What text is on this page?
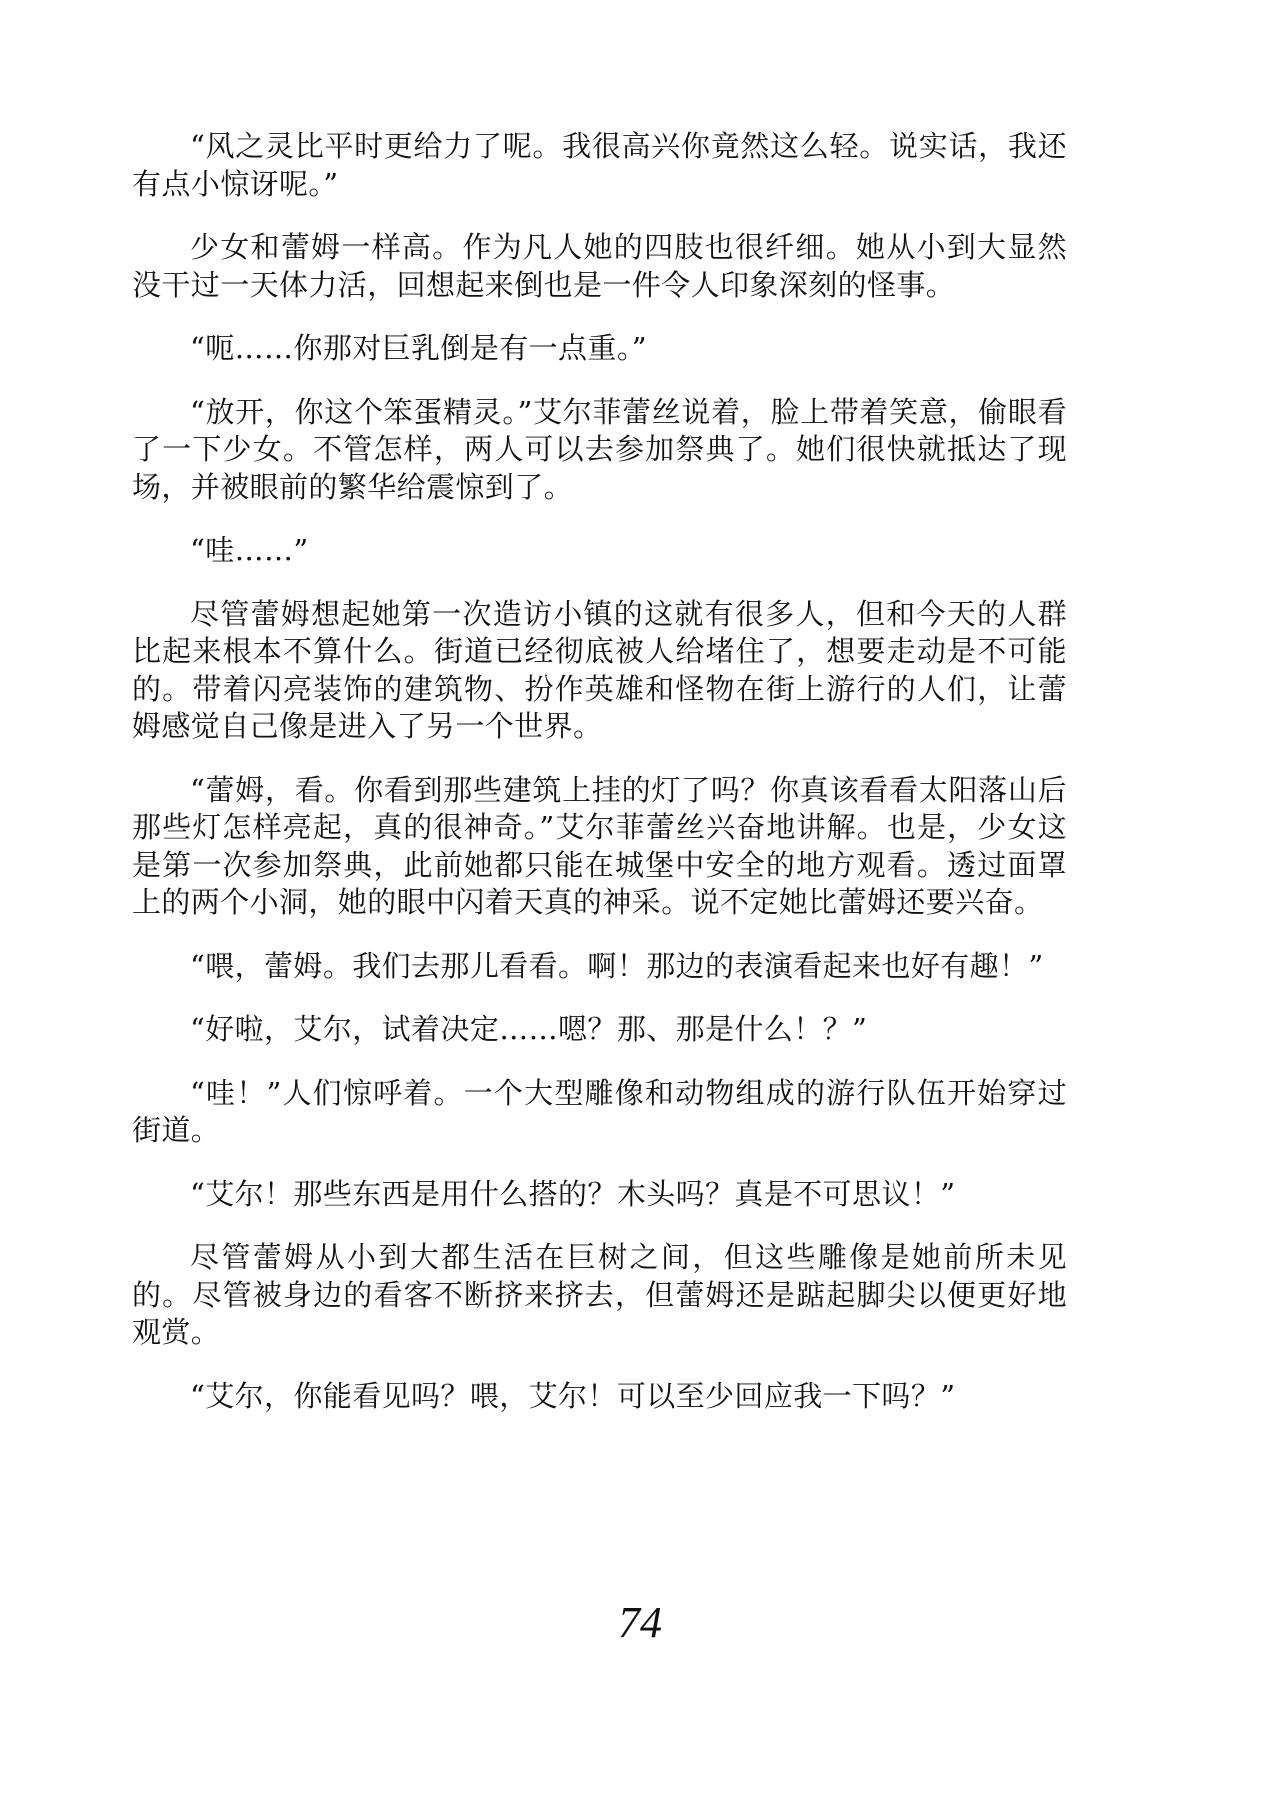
“风之灵比平时更给力了呢。我很高兴你竟然这么轻。说实话，我还有点小惊讶呢。”

少女和蕾姆一样高。作为凡人她的四肢也很纤细。她从小到大显然没干过一天体力活，回想起来倒也是一件令人印象深刻的怪事。

“呃……你那对巨乳倒是有一点重。”

“放开，你这个笨蛋精灵。”艾尔菲蕾丝说着，脸上带着笑意，偷眼看了一下少女。不管怎样，两人可以去参加祭典了。她们很快就抵达了现场，并被眼前的繁华给震惊到了。

“哇……”

尽管蕾姆想起她第一次造访小镇的这就有很多人，但和今天的人群比起来根本不算什么。街道已经彻底被人给堵住了，想要走动是不可能的。带着闪亮装饰的建筑物、扮作英雄和怪物在街上游行的人们，让蕾姆感觉自己像是进入了另一个世界。

“蕾姆，看。你看到那些建筑上挂的灯了吗？你真该看看太阳落山后那些灯怎样亮起，真的很神奇。”艾尔菲蕾丝兴奋地讲解。也是，少女这是第一次参加祭典，此前她都只能在城堡中安全的地方观看。透过面罩上的两个小洞，她的眼中闪着天真的神采。说不定她比蕾姆还要兴奋。

“喂，蕾姆。我们去那儿看看。啊！那边的表演看起来也好有趣！”

“好啦，艾尔，试着决定……嗯？那、那是什么！？”

“哇！”人们惊呼着。一个大型雕像和动物组成的游行队伍开始穿过街道。

“艾尔！那些东西是用什么搭的？木头吗？真是不可思议！”

尽管蕾姆从小到大都生活在巨树之间，但这些雕像是她前所未见的。尽管被身边的看客不断挤来挤去，但蕾姆还是踮起脚尖以便更好地观赏。

“艾尔，你能看见吗？喂，艾尔！可以至少回应我一下吗？”

74
